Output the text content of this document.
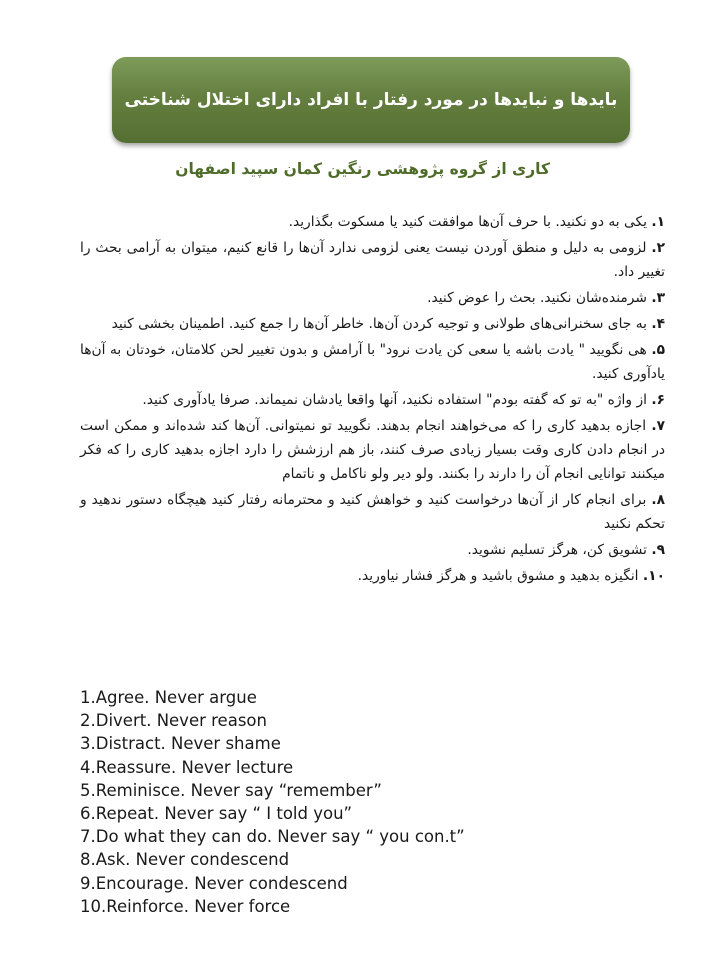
بایدها و نبایدها در مورد رفتار با افراد دارای اختلال شناختی
کاری از گروه پژوهشی رنگین کمان سپید اصفهان

۱. یکی به دو نکنید. با حرف آن‌ها موافقت کنید یا مسکوت بگذارید.

۲. لزومی به دلیل و منطق آوردن نیست یعنی لزومی ندارد آن‌ها را قانع کنیم، میتوان به آرامی بحث را تغییر داد.

۳. شرمنده‌شان نکنید. بحث را عوض کنید.

۴. به جای سخنرانی‌های طولانی و توجیه کردن آن‌ها. خاطر آن‌ها را جمع کنید. اطمینان بخشی کنید

۵. هی نگویید " یادت باشه یا سعی کن یادت نرود" با آرامش و بدون تغییر لحن کلامتان، خودتان به آن‌ها یادآوری کنید.

۶. از واژه "به تو که گفته بودم" استفاده نکنید، آنها واقعا یادشان نمیماند. صرفا یادآوری کنید.

۷. اجازه بدهید کاری را که می‌خواهند انجام بدهند. نگویید تو نمیتوانی. آن‌ها کند شده‌اند و ممکن است در انجام دادن کاری وقت بسیار زیادی صرف کنند، باز هم ارزشش را دارد اجازه بدهید کاری را که فکر میکنند توانایی انجام آن را دارند را بکنند. ولو دیر ولو ناکامل و ناتمام

۸. برای انجام کار از آن‌ها درخواست کنید و خواهش کنید و محترمانه رفتار کنید هیچگاه دستور ندهید و تحکم نکنید

۹. تشویق کن، هرگز تسلیم نشوید.

۱۰. انگیزه بدهید و مشوق باشید و هرگز فشار نیاورید.

1.Agree. Never argue
2.Divert. Never reason
3.Distract. Never shame
4.Reassure. Never lecture
5.Reminisce. Never say “remember”
6.Repeat. Never say “ I told you”
7.Do what they can do. Never say “ you con.t”
8.Ask. Never condescend
9.Encourage. Never condescend
10.Reinforce. Never force
